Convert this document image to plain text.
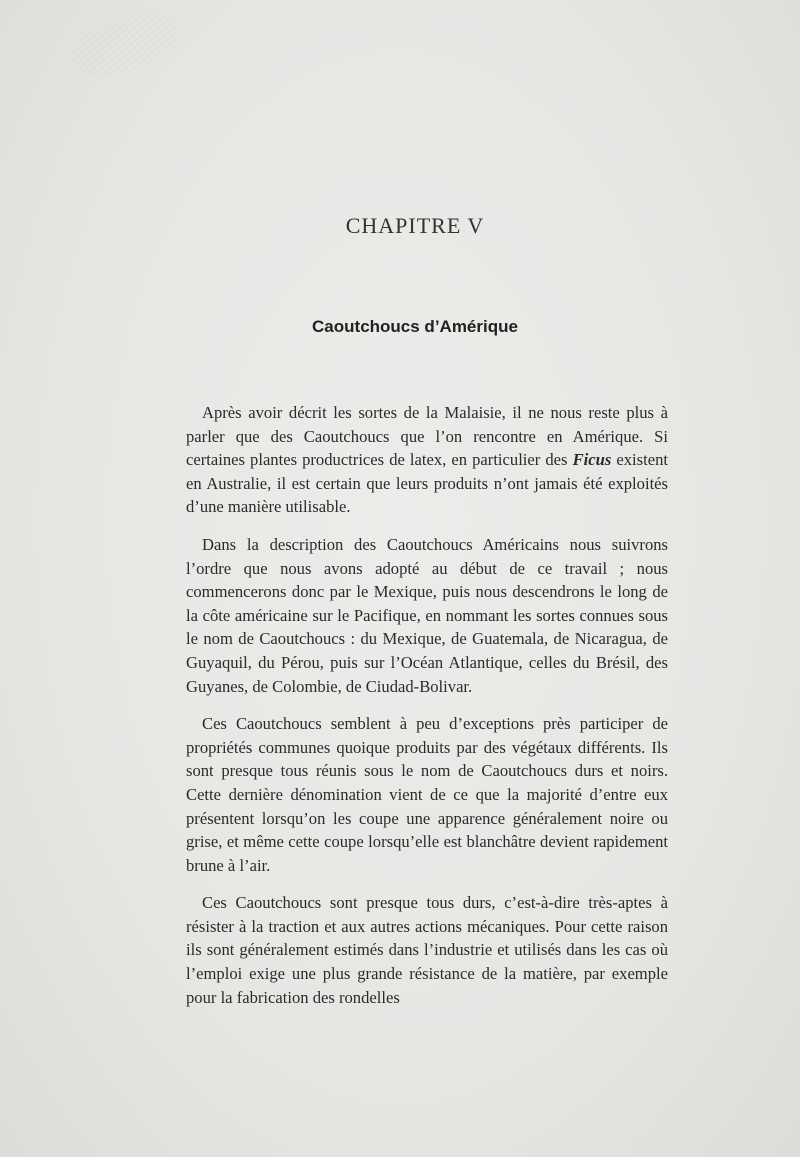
CHAPITRE V
Caoutchoucs d’Amérique

Après avoir décrit les sortes de la Malaisie, il ne nous reste plus à parler que des Caoutchoucs que l’on rencontre en Amérique. Si certaines plantes productrices de latex, en particulier des Ficus existent en Australie, il est certain que leurs produits n’ont jamais été exploités d’une manière utilisable.

Dans la description des Caoutchoucs Américains nous suivrons l’ordre que nous avons adopté au début de ce travail ; nous commencerons donc par le Mexique, puis nous descendrons le long de la côte américaine sur le Pacifique, en nommant les sortes connues sous le nom de Caoutchoucs : du Mexique, de Guatemala, de Nicaragua, de Guyaquil, du Pérou, puis sur l’Océan Atlantique, celles du Brésil, des Guyanes, de Colombie, de Ciudad-Bolivar.

Ces Caoutchoucs semblent à peu d’exceptions près participer de propriétés communes quoique produits par des végétaux différents. Ils sont presque tous réunis sous le nom de Caoutchoucs durs et noirs. Cette dernière dénomination vient de ce que la majorité d’entre eux présentent lorsqu’on les coupe une apparence généralement noire ou grise, et même cette coupe lorsqu’elle est blanchâtre devient rapidement brune à l’air.

Ces Caoutchoucs sont presque tous durs, c’est-à-dire très-aptes à résister à la traction et aux autres actions mécaniques. Pour cette raison ils sont généralement estimés dans l’industrie et utilisés dans les cas où l’emploi exige une plus grande résistance de la matière, par exemple pour la fabrication des rondelles
